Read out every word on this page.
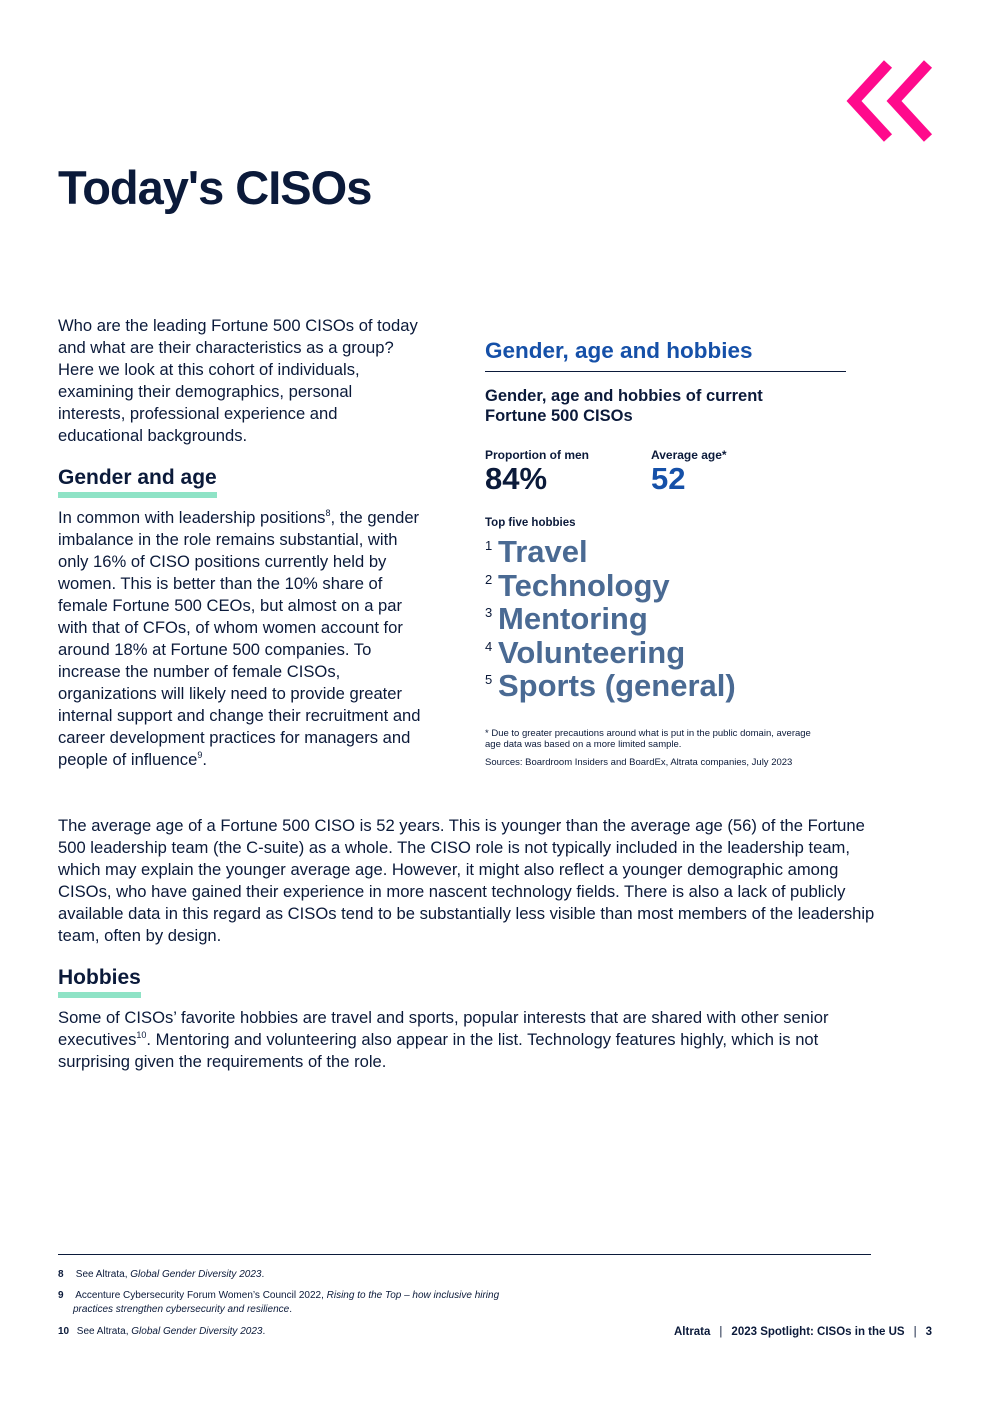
Today's CISOs

Who are the leading Fortune 500 CISOs of today and what are their characteristics as a group? Here we look at this cohort of individuals, examining their demographics, personal interests, professional experience and educational backgrounds.

Gender and age

In common with leadership positions$^8$, the gender imbalance in the role remains substantial, with only 16% of CISO positions currently held by women. This is better than the 10% share of female Fortune 500 CEOs, but almost on a par with that of CFOs, of whom women account for around 18% at Fortune 500 companies. To increase the number of female CISOs, organizations will likely need to provide greater internal support and change their recruitment and career development practices for managers and people of influence$^9$.

The average age of a Fortune 500 CISO is 52 years. This is younger than the average age (56) of the Fortune 500 leadership team (the C-suite) as a whole. The CISO role is not typically included in the leadership team, which may explain the younger average age. However, it might also reflect a younger demographic among CISOs, who have gained their experience in more nascent technology fields. There is also a lack of publicly available data in this regard as CISOs tend to be substantially less visible than most members of the leadership team, often by design.

Hobbies

Some of CISOs’ favorite hobbies are travel and sports, popular interests that are shared with other senior executives$^{10}$. Mentoring and volunteering also appear in the list. Technology features highly, which is not surprising given the requirements of the role.

Gender, age and hobbies
Gender, age and hobbies of current Fortune 500 CISOs
Proportion of men
84%
Average age*
52
Top five hobbies
1 Travel
2 Technology
3 Mentoring
4 Volunteering
5 Sports (general)
* Due to greater precautions around what is put in the public domain, average age data was based on a more limited sample.
Sources: Boardroom Insiders and BoardEx, Altrata companies, July 2023
8 See Altrata, Global Gender Diversity 2023.
9 Accenture Cybersecurity Forum Women’s Council 2022, Rising to the Top – how inclusive hiring
practices strengthen cybersecurity and resilience.
10 See Altrata, Global Gender Diversity 2023.	Altrata | 2023 Spotlight: CISOs in the US | 3
